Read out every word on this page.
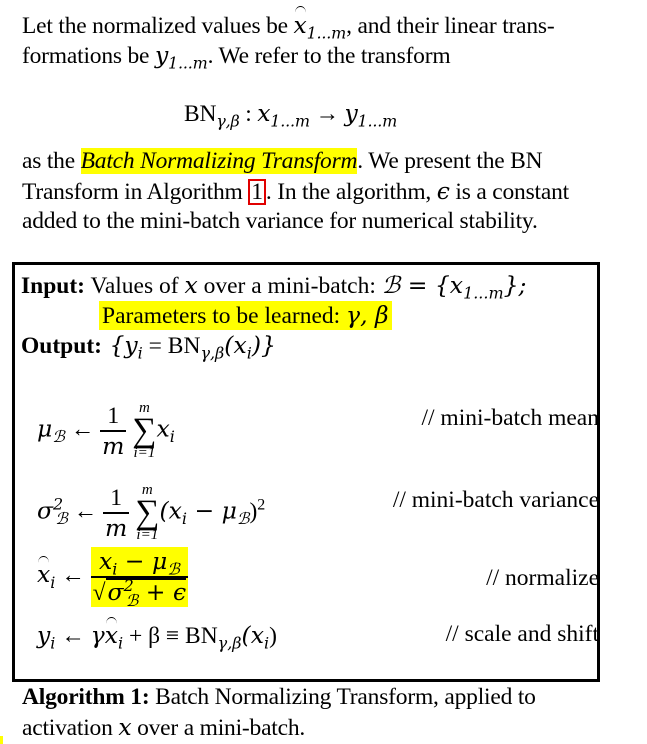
Let the normalized values be $x_{1...m}$, and their linear trans-
formations be $y_{1...m}$. We refer to the transform
$BN_{\gamma,\beta}$ : $x_{1...m} \to y_{1...m}$
as the Batch Normalizing Transform. We present the BN
Transform in Algorithm 1 . In the algorithm, ϵ is a constant
added to the mini-batch variance for numerical stability.
Input: Values of x over a mini-batch: ℬ = $\{x_{1...m}\}$;
Parameters to be learned: γ, β
Output: $\{y_i = BN_{\gamma,\beta}(x_i)\}$
$\mu_ℬ$ ← $\frac{1}{m}$
m
∑
i=1
$x_i$
// mini-batch mean
$\sigma^2_ℬ$ ← $\frac{1}{m}$
m
∑
i=1
$(x_i - \mu_ℬ)^2$	// mini-batch variance
$x_i$ ← $\frac{x_i - \mu_ℬ}{√\sigma^2_ℬ + \epsilon}$	// normalize
$y_i$ ← $\gamma x_i + \beta \equiv BN_{\gamma,\beta}(x_i)$	// scale and shift
Algorithm 1: Batch Normalizing Transform, applied to
activation x over a mini-batch.
